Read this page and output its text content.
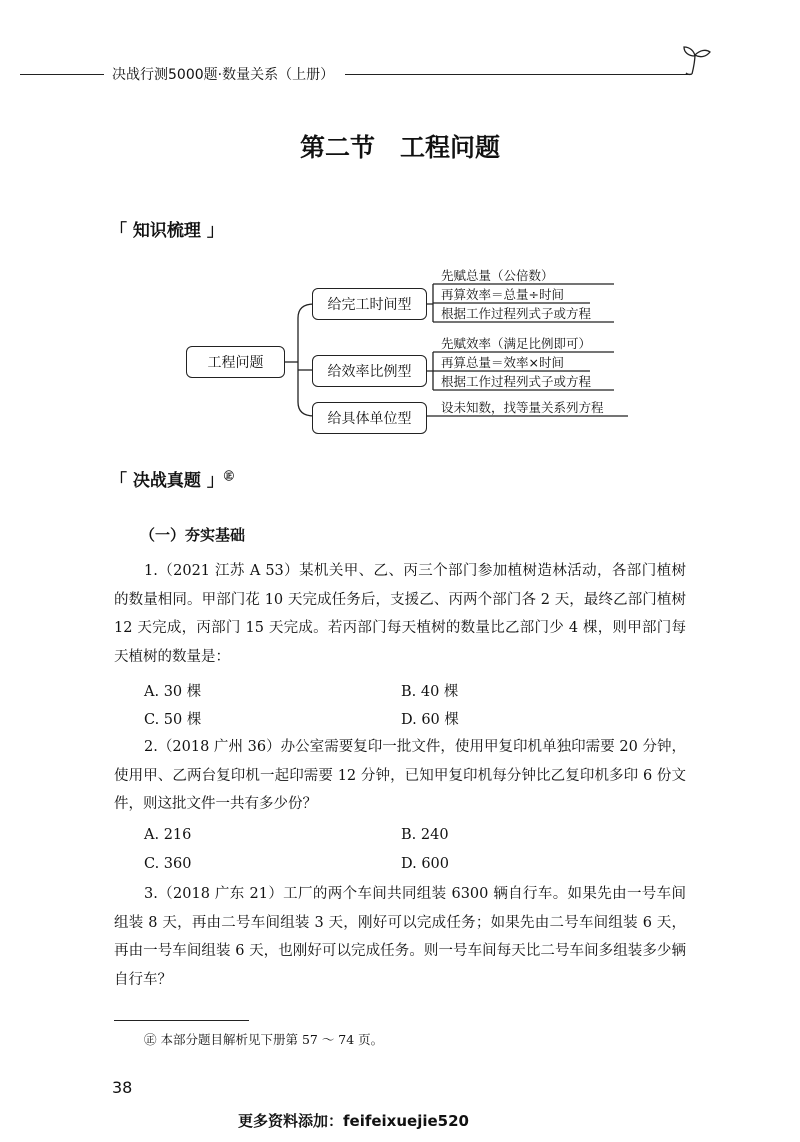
决战行测5000题·数量关系（上册）
第二节　工程问题
「 知识梳理 」
工程问题
给完工时间型
先赋总量（公倍数）
再算效率＝总量÷时间
根据工作过程列式子或方程
给效率比例型
先赋效率（满足比例即可）
再算总量＝效率×时间
根据工作过程列式子或方程
给具体单位型
设未知数，找等量关系列方程
「 决战真题 」㊣
（一）夯实基础
1.（2021 江苏 A 53）某机关甲、乙、丙三个部门参加植树造林活动，各部门植树的数量相同。甲部门花 10 天完成任务后，支援乙、丙两个部门各 2 天，最终乙部门植树 12 天完成，丙部门 15 天完成。若丙部门每天植树的数量比乙部门少 4 棵，则甲部门每天植树的数量是：
A. 30 棵	B. 40 棵
C. 50 棵	D. 60 棵
2.（2018 广州 36）办公室需要复印一批文件，使用甲复印机单独印需要 20 分钟，使用甲、乙两台复印机一起印需要 12 分钟，已知甲复印机每分钟比乙复印机多印 6 份文件，则这批文件一共有多少份？
A. 216	B. 240
C. 360	D. 600
3.（2018 广东 21）工厂的两个车间共同组装 6300 辆自行车。如果先由一号车间组装 8 天，再由二号车间组装 3 天，刚好可以完成任务；如果先由二号车间组装 6 天，再由一号车间组装 6 天，也刚好可以完成任务。则一号车间每天比二号车间多组装多少辆自行车？
㊣ 本部分题目解析见下册第 57 ～ 74 页。
38
更多资料添加：feifeixuejie520
